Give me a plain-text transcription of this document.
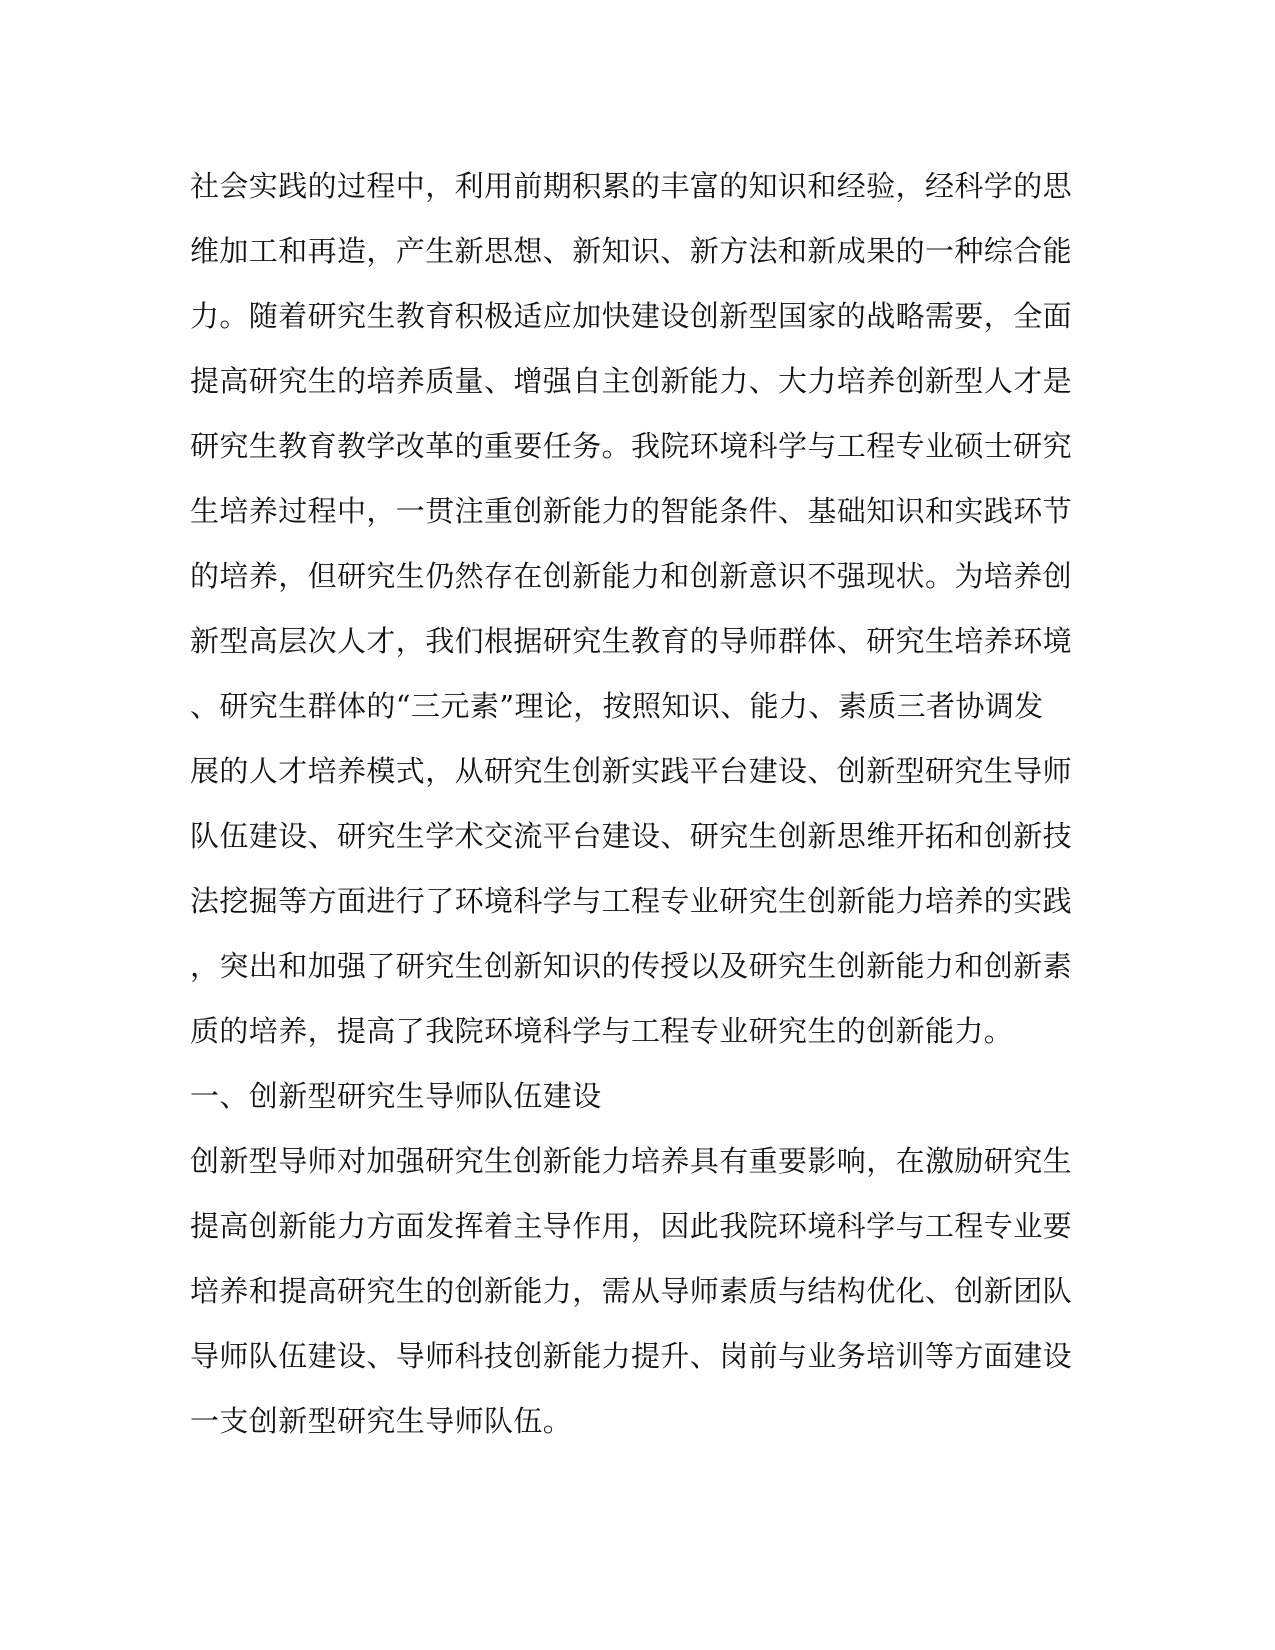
社会实践的过程中，利用前期积累的丰富的知识和经验，经科学的思
维加工和再造，产生新思想、新知识、新方法和新成果的一种综合能
力。随着研究生教育积极适应加快建设创新型国家的战略需要，全面
提高研究生的培养质量、增强自主创新能力、大力培养创新型人才是
研究生教育教学改革的重要任务。我院环境科学与工程专业硕士研究
生培养过程中，一贯注重创新能力的智能条件、基础知识和实践环节
的培养，但研究生仍然存在创新能力和创新意识不强现状。为培养创
新型高层次人才，我们根据研究生教育的导师群体、研究生培养环境
、研究生群体的“三元素”理论，按照知识、能力、素质三者协调发
展的人才培养模式，从研究生创新实践平台建设、创新型研究生导师
队伍建设、研究生学术交流平台建设、研究生创新思维开拓和创新技
法挖掘等方面进行了环境科学与工程专业研究生创新能力培养的实践
，突出和加强了研究生创新知识的传授以及研究生创新能力和创新素
质的培养，提高了我院环境科学与工程专业研究生的创新能力。
一、创新型研究生导师队伍建设
创新型导师对加强研究生创新能力培养具有重要影响，在激励研究生
提高创新能力方面发挥着主导作用，因此我院环境科学与工程专业要
培养和提高研究生的创新能力，需从导师素质与结构优化、创新团队
导师队伍建设、导师科技创新能力提升、岗前与业务培训等方面建设
一支创新型研究生导师队伍。
